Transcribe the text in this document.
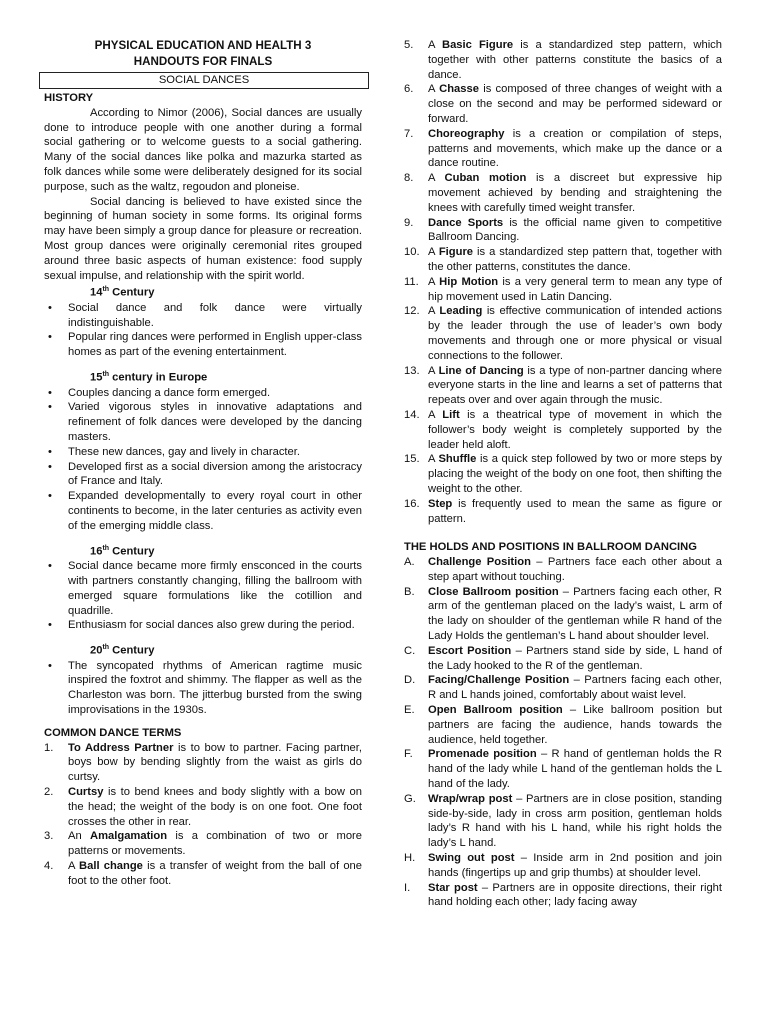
PHYSICAL EDUCATION AND HEALTH 3
HANDOUTS FOR FINALS
SOCIAL DANCES
HISTORY

According to Nimor (2006), Social dances are usually done to introduce people with one another during a formal social gathering or to welcome guests to a social gathering. Many of the social dances like polka and mazurka started as folk dances while some were deliberately designed for its social purpose, such as the waltz, regoudon and ploneise.

Social dancing is believed to have existed since the beginning of human society in some forms. Its original forms may have been simply a group dance for pleasure or recreation. Most group dances were originally ceremonial rites grouped around three basic aspects of human existence: food supply sexual impulse, and relationship with the spirit world.

14th Century
• Social dance and folk dance were virtually indistinguishable.
• Popular ring dances were performed in English upper-class homes as part of the evening entertainment.
15th century in Europe
• Couples dancing a dance form emerged.
• Varied vigorous styles in innovative adaptations and refinement of folk dances were developed by the dancing masters.
• These new dances, gay and lively in character.
• Developed first as a social diversion among the aristocracy of France and Italy.
• Expanded developmentally to every royal court in other continents to become, in the later centuries as activity even of the emerging middle class.
16th Century
• Social dance became more firmly ensconced in the courts with partners constantly changing, filling the ballroom with emerged square formulations like the cotillion and quadrille.
• Enthusiasm for social dances also grew during the period.
20th Century
• The syncopated rhythms of American ragtime music inspired the foxtrot and shimmy. The flapper as well as the Charleston was born. The jitterbug bursted from the swing improvisations in the 1930s.
COMMON DANCE TERMS
1.	To Address Partner is to bow to partner. Facing partner, boys bow by bending slightly from the waist as girls do curtsy.
2.	Curtsy is to bend knees and body slightly with a bow on the head; the weight of the body is on one foot. One foot crosses the other in rear.
3.	An Amalgamation is a combination of two or more patterns or movements.
4.	A Ball change is a transfer of weight from the ball of one foot to the other foot.
5.	A Basic Figure is a standardized step pattern, which together with other patterns constitute the basics of a dance.
6.	A Chasse is composed of three changes of weight with a close on the second and may be performed sideward or forward.
7.	Choreography is a creation or compilation of steps, patterns and movements, which make up the dance or a dance routine.
8.	A Cuban motion is a discreet but expressive hip movement achieved by bending and straightening the knees with carefully timed weight transfer.
9.	Dance Sports is the official name given to competitive Ballroom Dancing.
10. A Figure is a standardized step pattern that, together with the other patterns, constitutes the dance.
11. A Hip Motion is a very general term to mean any type of hip movement used in Latin Dancing.
12. A Leading is effective communication of intended actions by the leader through the use of leader’s own body movements and through one or more physical or visual connections to the follower.
13. A Line of Dancing is a type of non-partner dancing where everyone starts in the line and learns a set of patterns that repeats over and over again through the music.
14. A Lift is a theatrical type of movement in which the follower’s body weight is completely supported by the leader held aloft.
15. A Shuffle is a quick step followed by two or more steps by placing the weight of the body on one foot, then shifting the weight to the other.
16. Step is frequently used to mean the same as figure or pattern.
THE HOLDS AND POSITIONS IN BALLROOM DANCING
A.	Challenge Position – Partners face each other about a step apart without touching.
B.	Close Ballroom position – Partners facing each other, R arm of the gentleman placed on the lady’s waist, L arm of the lady on shoulder of the gentleman while R hand of the Lady Holds the gentleman’s L hand about shoulder level.
C.	Escort Position – Partners stand side by side, L hand of the Lady hooked to the R of the gentleman.
D.	Facing/Challenge Position – Partners facing each other, R and L hands joined, comfortably about waist level.
E.	Open Ballroom position – Like ballroom position but partners are facing the audience, hands towards the audience, held together.
F.	Promenade position – R hand of gentleman holds the R hand of the lady while L hand of the gentleman holds the L hand of the lady.
G.	Wrap/wrap post – Partners are in close position, standing side-by-side, lady in cross arm position, gentleman holds lady’s R hand with his L hand, while his right holds the lady’s L hand.
H.	Swing out post – Inside arm in 2nd position and join hands (fingertips up and grip thumbs) at shoulder level.
I.	Star post – Partners are in opposite directions, their right hand holding each other; lady facing away
